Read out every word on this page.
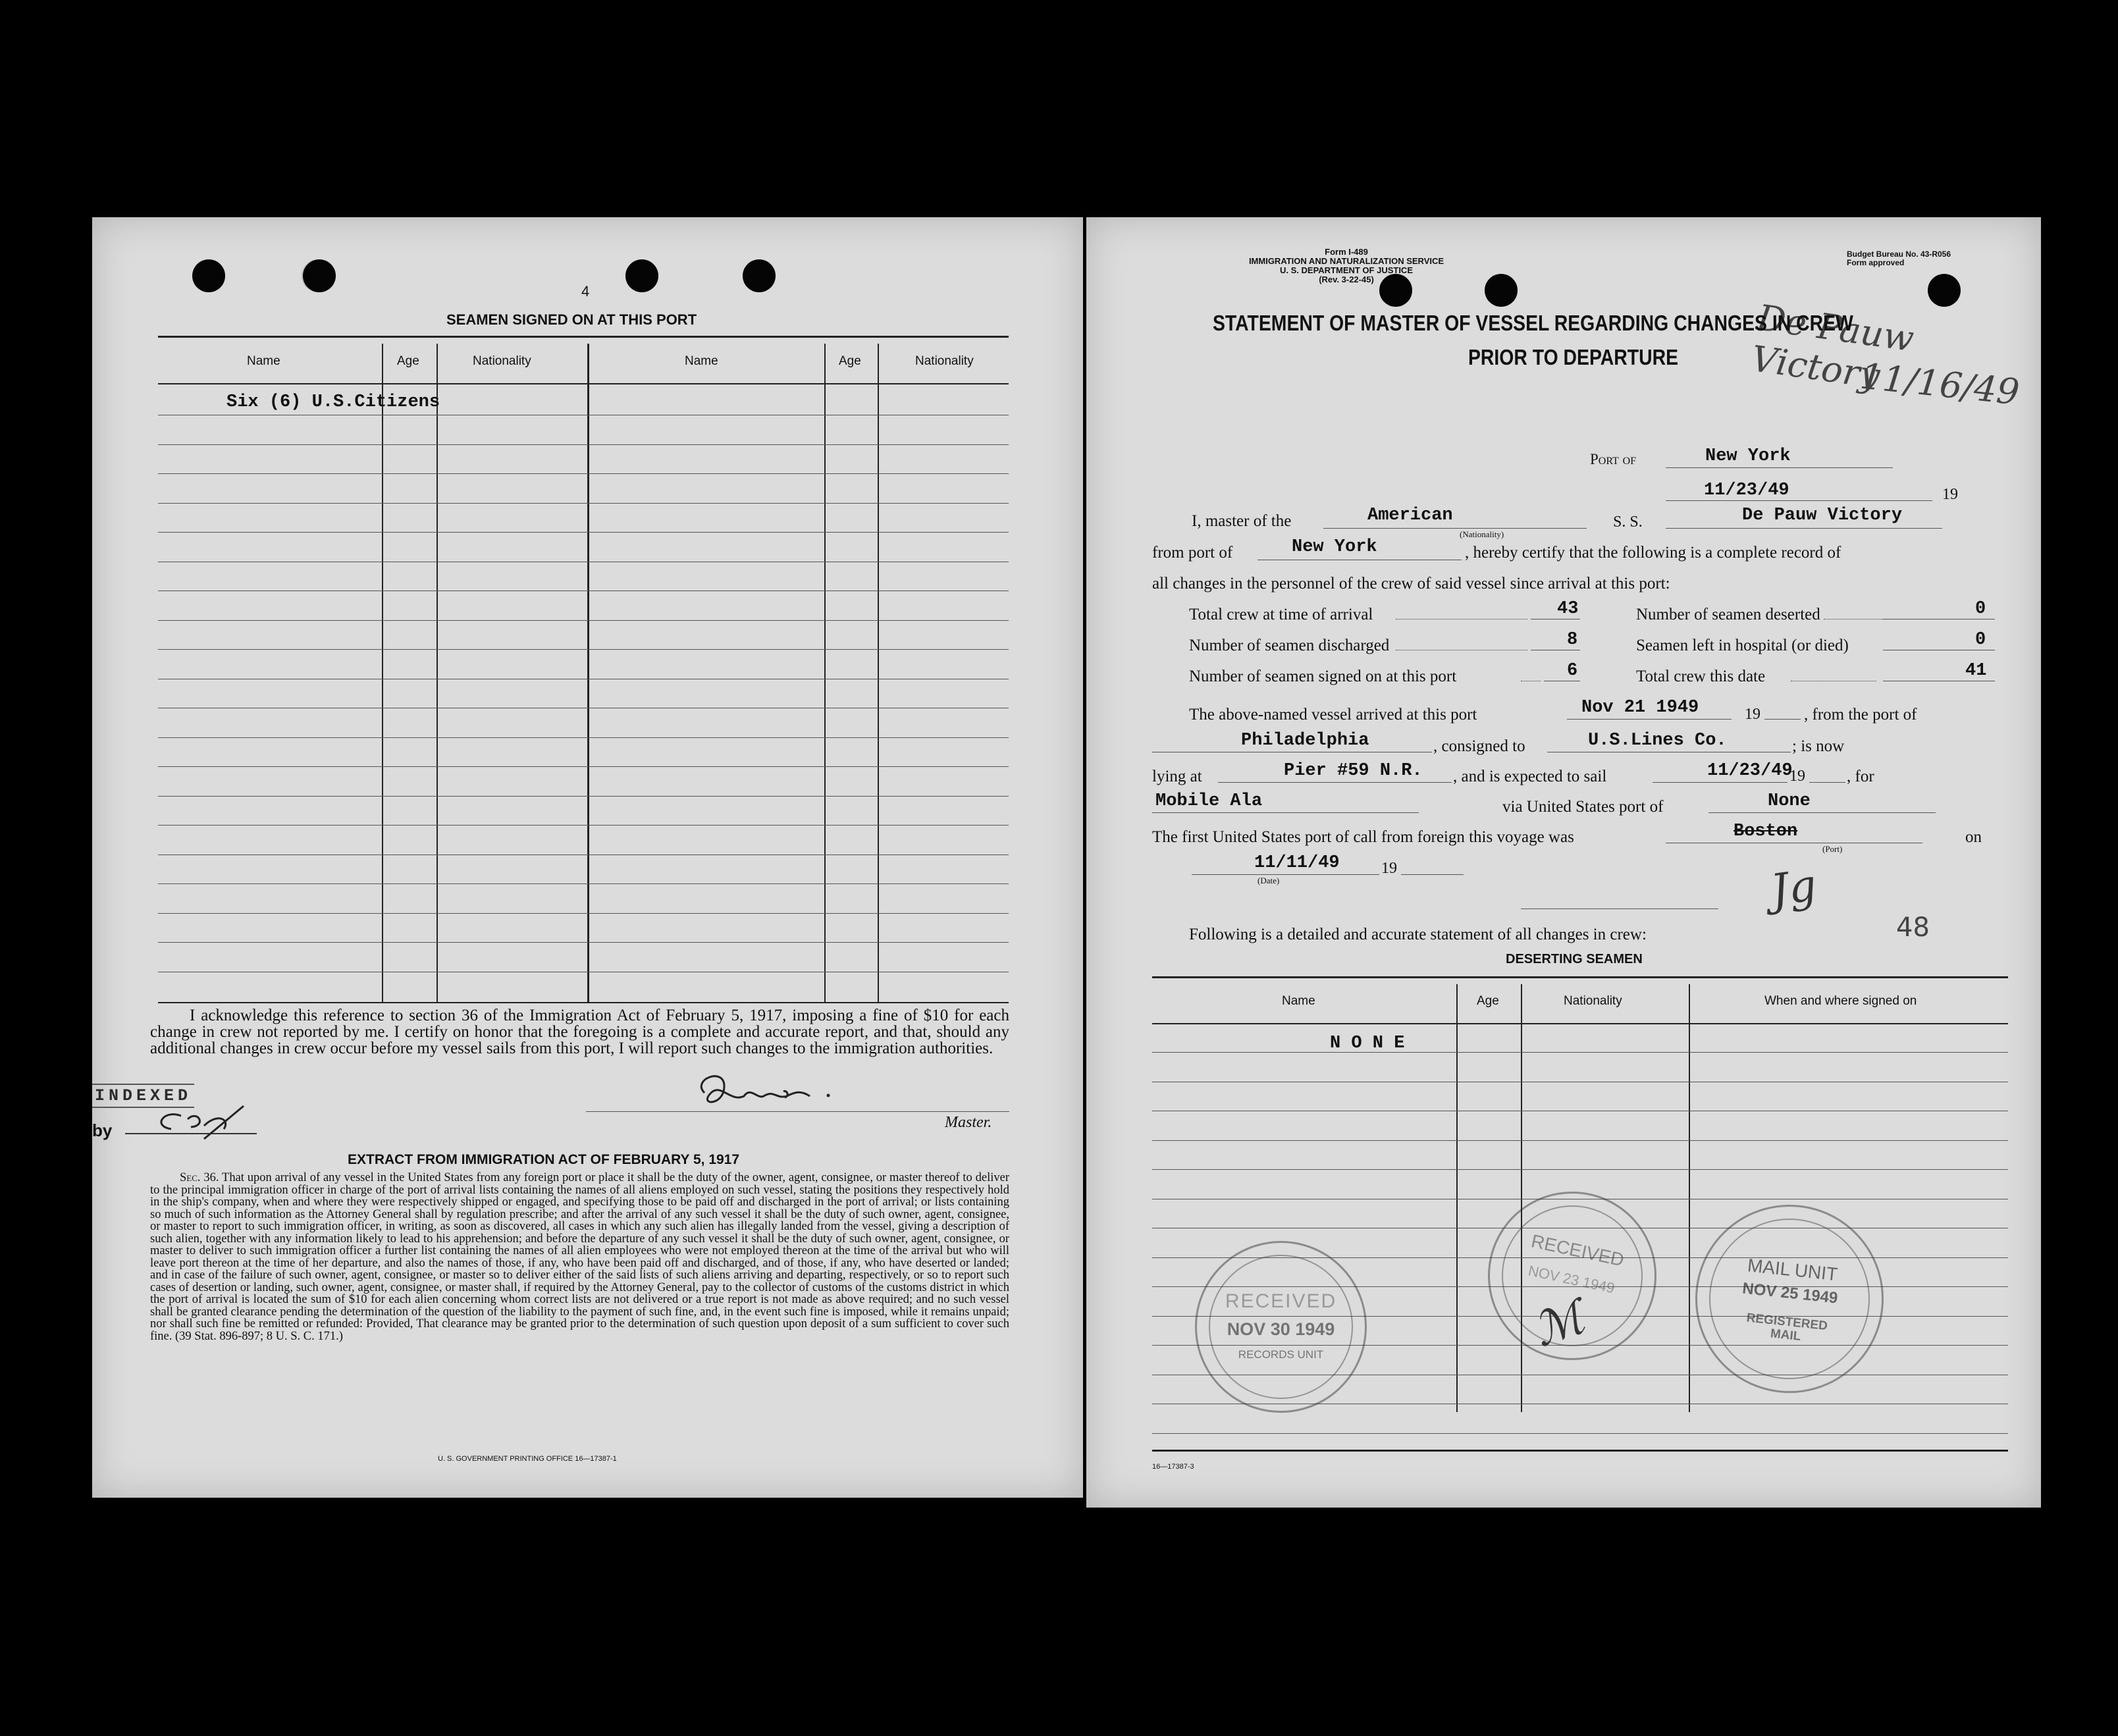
4
SEAMEN SIGNED ON AT THIS PORT
Name	Age	Nationality	Name	Age	Nationality
Six (6) U.S.Citizens
I acknowledge this reference to section 36 of the Immigration Act of February 5, 1917, imposing a fine of $10 for each change in crew not reported by me. I certify on honor that the foregoing is a complete and accurate report, and that, should any additional changes in crew occur before my vessel sails from this port, I will report such changes to the immigration authorities.
Master.
INDEXED
by
EXTRACT FROM IMMIGRATION ACT OF FEBRUARY 5, 1917
Sec. 36. That upon arrival of any vessel in the United States from any foreign port or place it shall be the duty of the owner, agent, consignee, or master thereof to deliver to the principal immigration officer in charge of the port of arrival lists containing the names of all aliens employed on such vessel, stating the positions they respectively hold in the ship's company, when and where they were respectively shipped or engaged, and specifying those to be paid off and discharged in the port of arrival; or lists containing so much of such information as the Attorney General shall by regulation prescribe; and after the arrival of any such vessel it shall be the duty of such owner, agent, consignee, or master to report to such immigration officer, in writing, as soon as discovered, all cases in which any such alien has illegally landed from the vessel, giving a description of such alien, together with any information likely to lead to his apprehension; and before the departure of any such vessel it shall be the duty of such owner, agent, consignee, or master to deliver to such immigration officer a further list containing the names of all alien employees who were not employed thereon at the time of the arrival but who will leave port thereon at the time of her departure, and also the names of those, if any, who have been paid off and discharged, and of those, if any, who have deserted or landed; and in case of the failure of such owner, agent, consignee, or master so to deliver either of the said lists of such aliens arriving and departing, respectively, or so to report such cases of desertion or landing, such owner, agent, consignee, or master shall, if required by the Attorney General, pay to the collector of customs of the customs district in which the port of arrival is located the sum of $10 for each alien concerning whom correct lists are not delivered or a true report is not made as above required; and no such vessel shall be granted clearance pending the determination of the question of the liability to the payment of such fine, and, in the event such fine is imposed, while it remains unpaid; nor shall such fine be remitted or refunded: Provided, That clearance may be granted prior to the determination of such question upon deposit of a sum sufficient to cover such fine. (39 Stat. 896-897; 8 U. S. C. 171.)
U. S. GOVERNMENT PRINTING OFFICE 16—17387-1
Form I-489
IMMIGRATION AND NATURALIZATION SERVICE
U. S. DEPARTMENT OF JUSTICE
(Rev. 3-22-45)
Budget Bureau No. 43-R056
Form approved
De Pauw Victory
11/16/49
STATEMENT OF MASTER OF VESSEL REGARDING CHANGES IN CREW
PRIOR TO DEPARTURE
Port of	New York
11/23/49	19
I, master of the	American
(Nationality)
S. S.	De Pauw Victory
from port of	New York	, hereby certify that the following is a complete record of
all changes in the personnel of the crew of said vessel since arrival at this port:
Total crew at time of arrival	43
Number of seamen discharged	8
Number of seamen signed on at this port	6
Number of seamen deserted	0
Seamen left in hospital (or died)	0
Total crew this date	41
The above-named vessel arrived at this port	Nov 21 1949	19	, from the port of
Philadelphia	, consigned to	U.S.Lines Co.	; is now
lying at	Pier #59 N.R. , and is expected to sail	11/23/49
19	, for
Mobile Ala	via United States port of	None
The first United States port of call from foreign this voyage was	Boston
(Port)
on
11/11/49
(Date)
19	Jg
48
Following is a detailed and accurate statement of all changes in crew:
DESERTING SEAMEN
Name	Age	Nationality	When and where signed on
N O N E
RECEIVED
NOV 30 1949
RECORDS UNIT
RECEIVED
NOV 23 1949
ℳ
MAIL UNIT
NOV 25 1949
REGISTERED MAIL
16—17387-3
